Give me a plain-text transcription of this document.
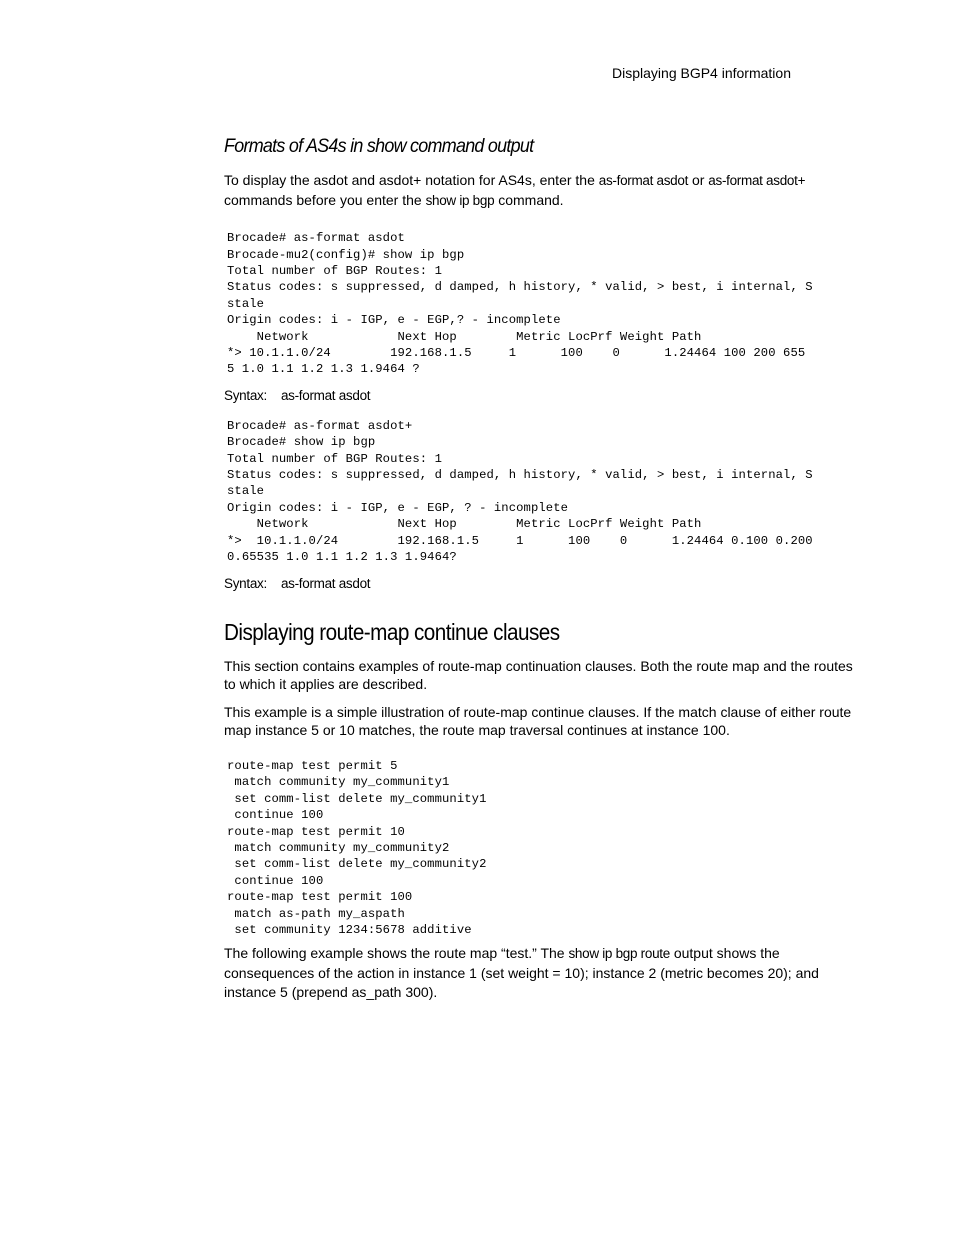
Displaying BGP4 information
Formats of AS4s in show command output

To display the asdot and asdot+ notation for AS4s, enter the as-format asdot or as-format asdot+ commands before you enter the show ip bgp command.

Brocade# as-format asdot
Brocade-mu2(config)# show ip bgp
Total number of BGP Routes: 1
Status codes: s suppressed, d damped, h history, * valid, > best, i internal, S
stale
Origin codes: i - IGP, e - EGP,? - incomplete
Network            Next Hop        Metric LocPrf Weight Path
*> 10.1.1.0/24        192.168.1.5     1      100    0      1.24464 100 200 655
5 1.0 1.1 1.2 1.3 1.9464 ?

Syntax: as-format asdot

Brocade# as-format asdot+
Brocade# show ip bgp
Total number of BGP Routes: 1
Status codes: s suppressed, d damped, h history, * valid, > best, i internal, S
stale
Origin codes: i - IGP, e - EGP, ? - incomplete
Network            Next Hop        Metric LocPrf Weight Path
*>  10.1.1.0/24        192.168.1.5     1      100    0      1.24464 0.100 0.200
0.65535 1.0 1.1 1.2 1.3 1.9464?

Syntax: as-format asdot

Displaying route-map continue clauses

This section contains examples of route-map continuation clauses. Both the route map and the routes to which it applies are described.

This example is a simple illustration of route-map continue clauses. If the match clause of either route map instance 5 or 10 matches, the route map traversal continues at instance 100.

route-map test permit 5
match community my_community1
set comm-list delete my_community1
continue 100
route-map test permit 10
match community my_community2
set comm-list delete my_community2
continue 100
route-map test permit 100
match as-path my_aspath
set community 1234:5678 additive

The following example shows the route map “test.” The show ip bgp route output shows the consequences of the action in instance 1 (set weight = 10); instance 2 (metric becomes 20); and instance 5 (prepend as_path 300).
